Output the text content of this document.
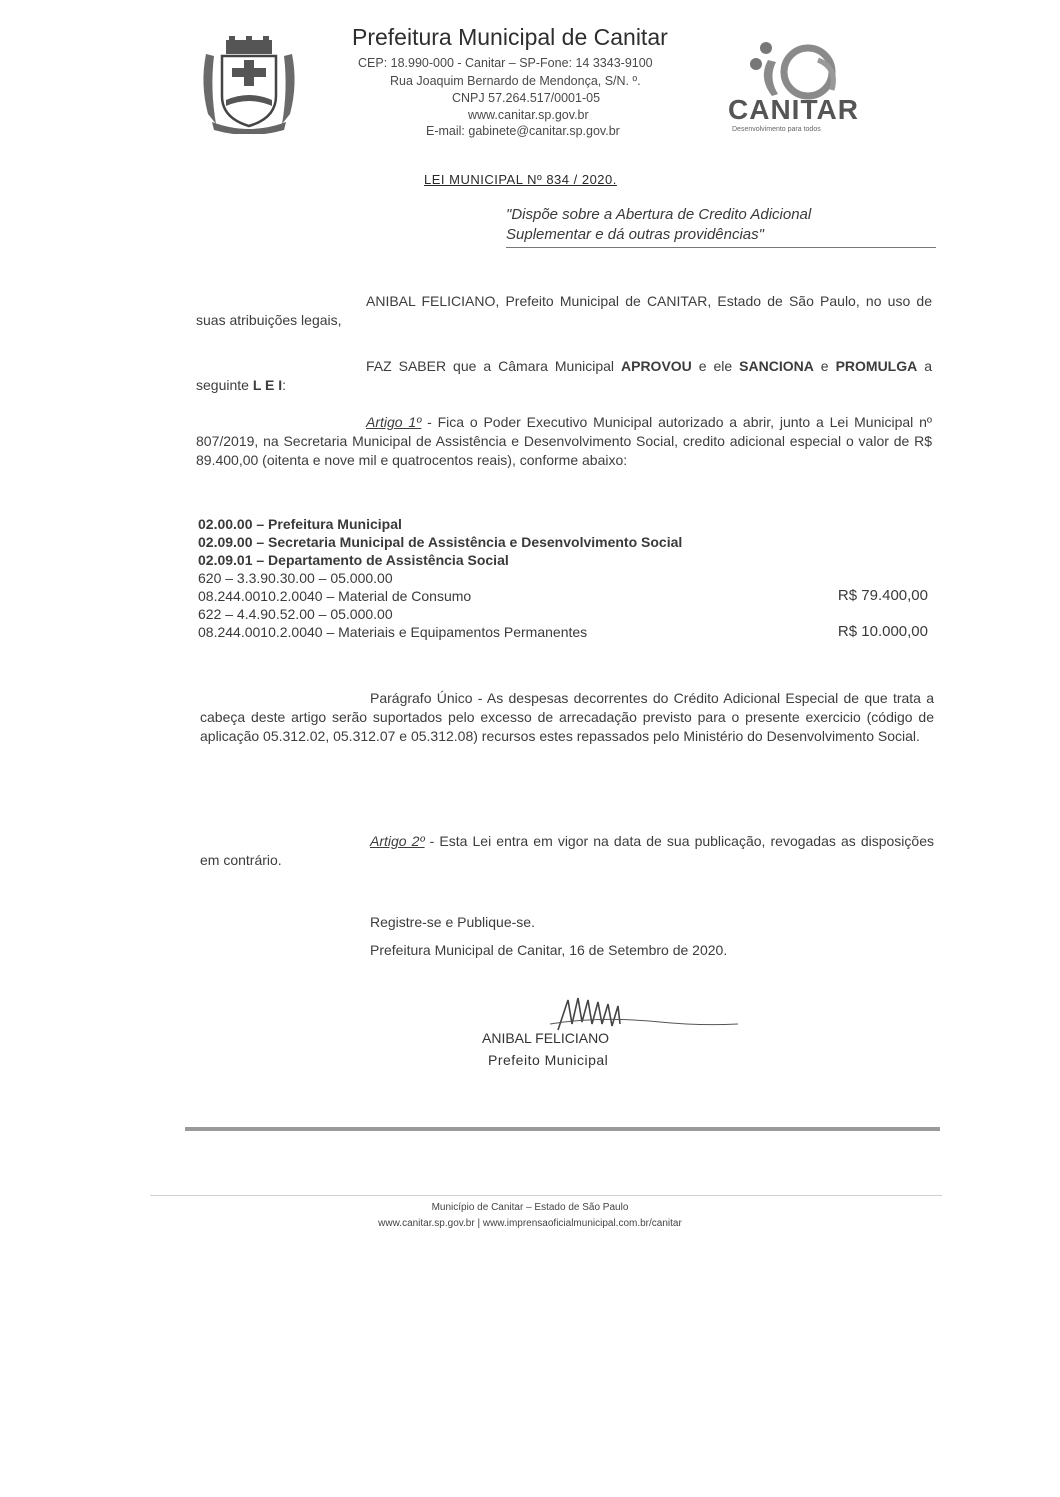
Prefeitura Municipal de Canitar
CEP: 18.990-000 - Canitar – SP-Fone: 14 3343-9100
Rua Joaquim Bernardo de Mendonça, S/N. º.
CNPJ 57.264.517/0001-05
www.canitar.sp.gov.br
E-mail: gabinete@canitar.sp.gov.br
CANITAR
Desenvolvimento para todos
LEI MUNICIPAL Nº 834 / 2020.
"Dispõe sobre a Abertura de Credito Adicional
Suplementar e dá outras providências"
ANIBAL FELICIANO, Prefeito Municipal de CANITAR, Estado de São Paulo, no uso de suas atribuições legais,
FAZ SABER que a Câmara Municipal APROVOU e ele SANCIONA e PROMULGA a seguinte L E I:
Artigo 1º - Fica o Poder Executivo Municipal autorizado a abrir, junto a Lei Municipal nº 807/2019, na Secretaria Municipal de Assistência e Desenvolvimento Social, credito adicional especial o valor de R$ 89.400,00 (oitenta e nove mil e quatrocentos reais), conforme abaixo:
02.00.00 – Prefeitura Municipal
02.09.00 – Secretaria Municipal de Assistência e Desenvolvimento Social
02.09.01 – Departamento de Assistência Social
620 – 3.3.90.30.00 – 05.000.00
08.244.0010.2.0040 – Material de Consumo	R$ 79.400,00
622 – 4.4.90.52.00 – 05.000.00
08.244.0010.2.0040 – Materiais e Equipamentos Permanentes	R$ 10.000,00
Parágrafo Único - As despesas decorrentes do Crédito Adicional Especial de que trata a cabeça deste artigo serão suportados pelo excesso de arrecadação previsto para o presente exercicio (código de aplicação 05.312.02, 05.312.07 e 05.312.08) recursos estes repassados pelo Ministério do Desenvolvimento Social.
Artigo 2º - Esta Lei entra em vigor na data de sua publicação, revogadas as disposições em contrário.
Registre-se e Publique-se.
Prefeitura Municipal de Canitar, 16 de Setembro de 2020.
ANIBAL FELICIANO
Prefeito Municipal
Município de Canitar – Estado de São Paulo
www.canitar.sp.gov.br | www.imprensaoficialmunicipal.com.br/canitar
